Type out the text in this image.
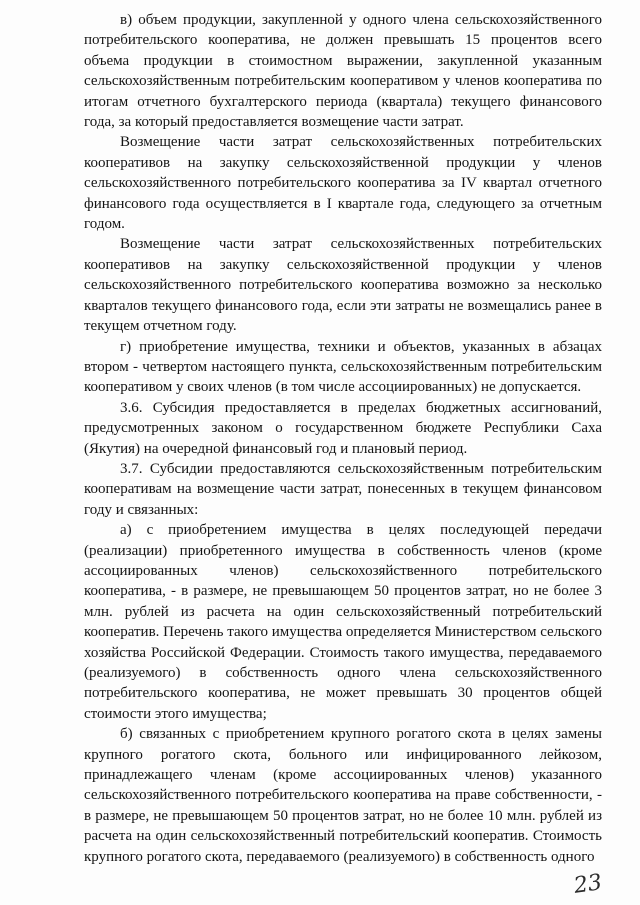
в) объем продукции, закупленной у одного члена сельскохозяйственного потребительского кооператива, не должен превышать 15 процентов всего объема продукции в стоимостном выражении, закупленной указанным сельскохозяйственным потребительским кооперативом у членов кооператива по итогам отчетного бухгалтерского периода (квартала) текущего финансового года, за который предоставляется возмещение части затрат.

Возмещение части затрат сельскохозяйственных потребительских кооперативов на закупку сельскохозяйственной продукции у членов сельскохозяйственного потребительского кооператива за IV квартал отчетного финансового года осуществляется в I квартале года, следующего за отчетным годом.

Возмещение части затрат сельскохозяйственных потребительских кооперативов на закупку сельскохозяйственной продукции у членов сельскохозяйственного потребительского кооператива возможно за несколько кварталов текущего финансового года, если эти затраты не возмещались ранее в текущем отчетном году.

г) приобретение имущества, техники и объектов, указанных в абзацах втором - четвертом настоящего пункта, сельскохозяйственным потребительским кооперативом у своих членов (в том числе ассоциированных) не допускается.

3.6. Субсидия предоставляется в пределах бюджетных ассигнований, предусмотренных законом о государственном бюджете Республики Саха (Якутия) на очередной финансовый год и плановый период.

3.7. Субсидии предоставляются сельскохозяйственным потребительским кооперативам на возмещение части затрат, понесенных в текущем финансовом году и связанных:

а) с приобретением имущества в целях последующей передачи (реализации) приобретенного имущества в собственность членов (кроме ассоциированных членов) сельскохозяйственного потребительского кооператива, - в размере, не превышающем 50 процентов затрат, но не более 3 млн. рублей из расчета на один сельскохозяйственный потребительский кооператив. Перечень такого имущества определяется Министерством сельского хозяйства Российской Федерации. Стоимость такого имущества, передаваемого (реализуемого) в собственность одного члена сельскохозяйственного потребительского кооператива, не может превышать 30 процентов общей стоимости этого имущества;

б) связанных с приобретением крупного рогатого скота в целях замены крупного рогатого скота, больного или инфицированного лейкозом, принадлежащего членам (кроме ассоциированных членов) указанного сельскохозяйственного потребительского кооператива на праве собственности, - в размере, не превышающем 50 процентов затрат, но не более 10 млн. рублей из расчета на один сельскохозяйственный потребительский кооператив. Стоимость крупного рогатого скота, передаваемого (реализуемого) в собственность одного

23
